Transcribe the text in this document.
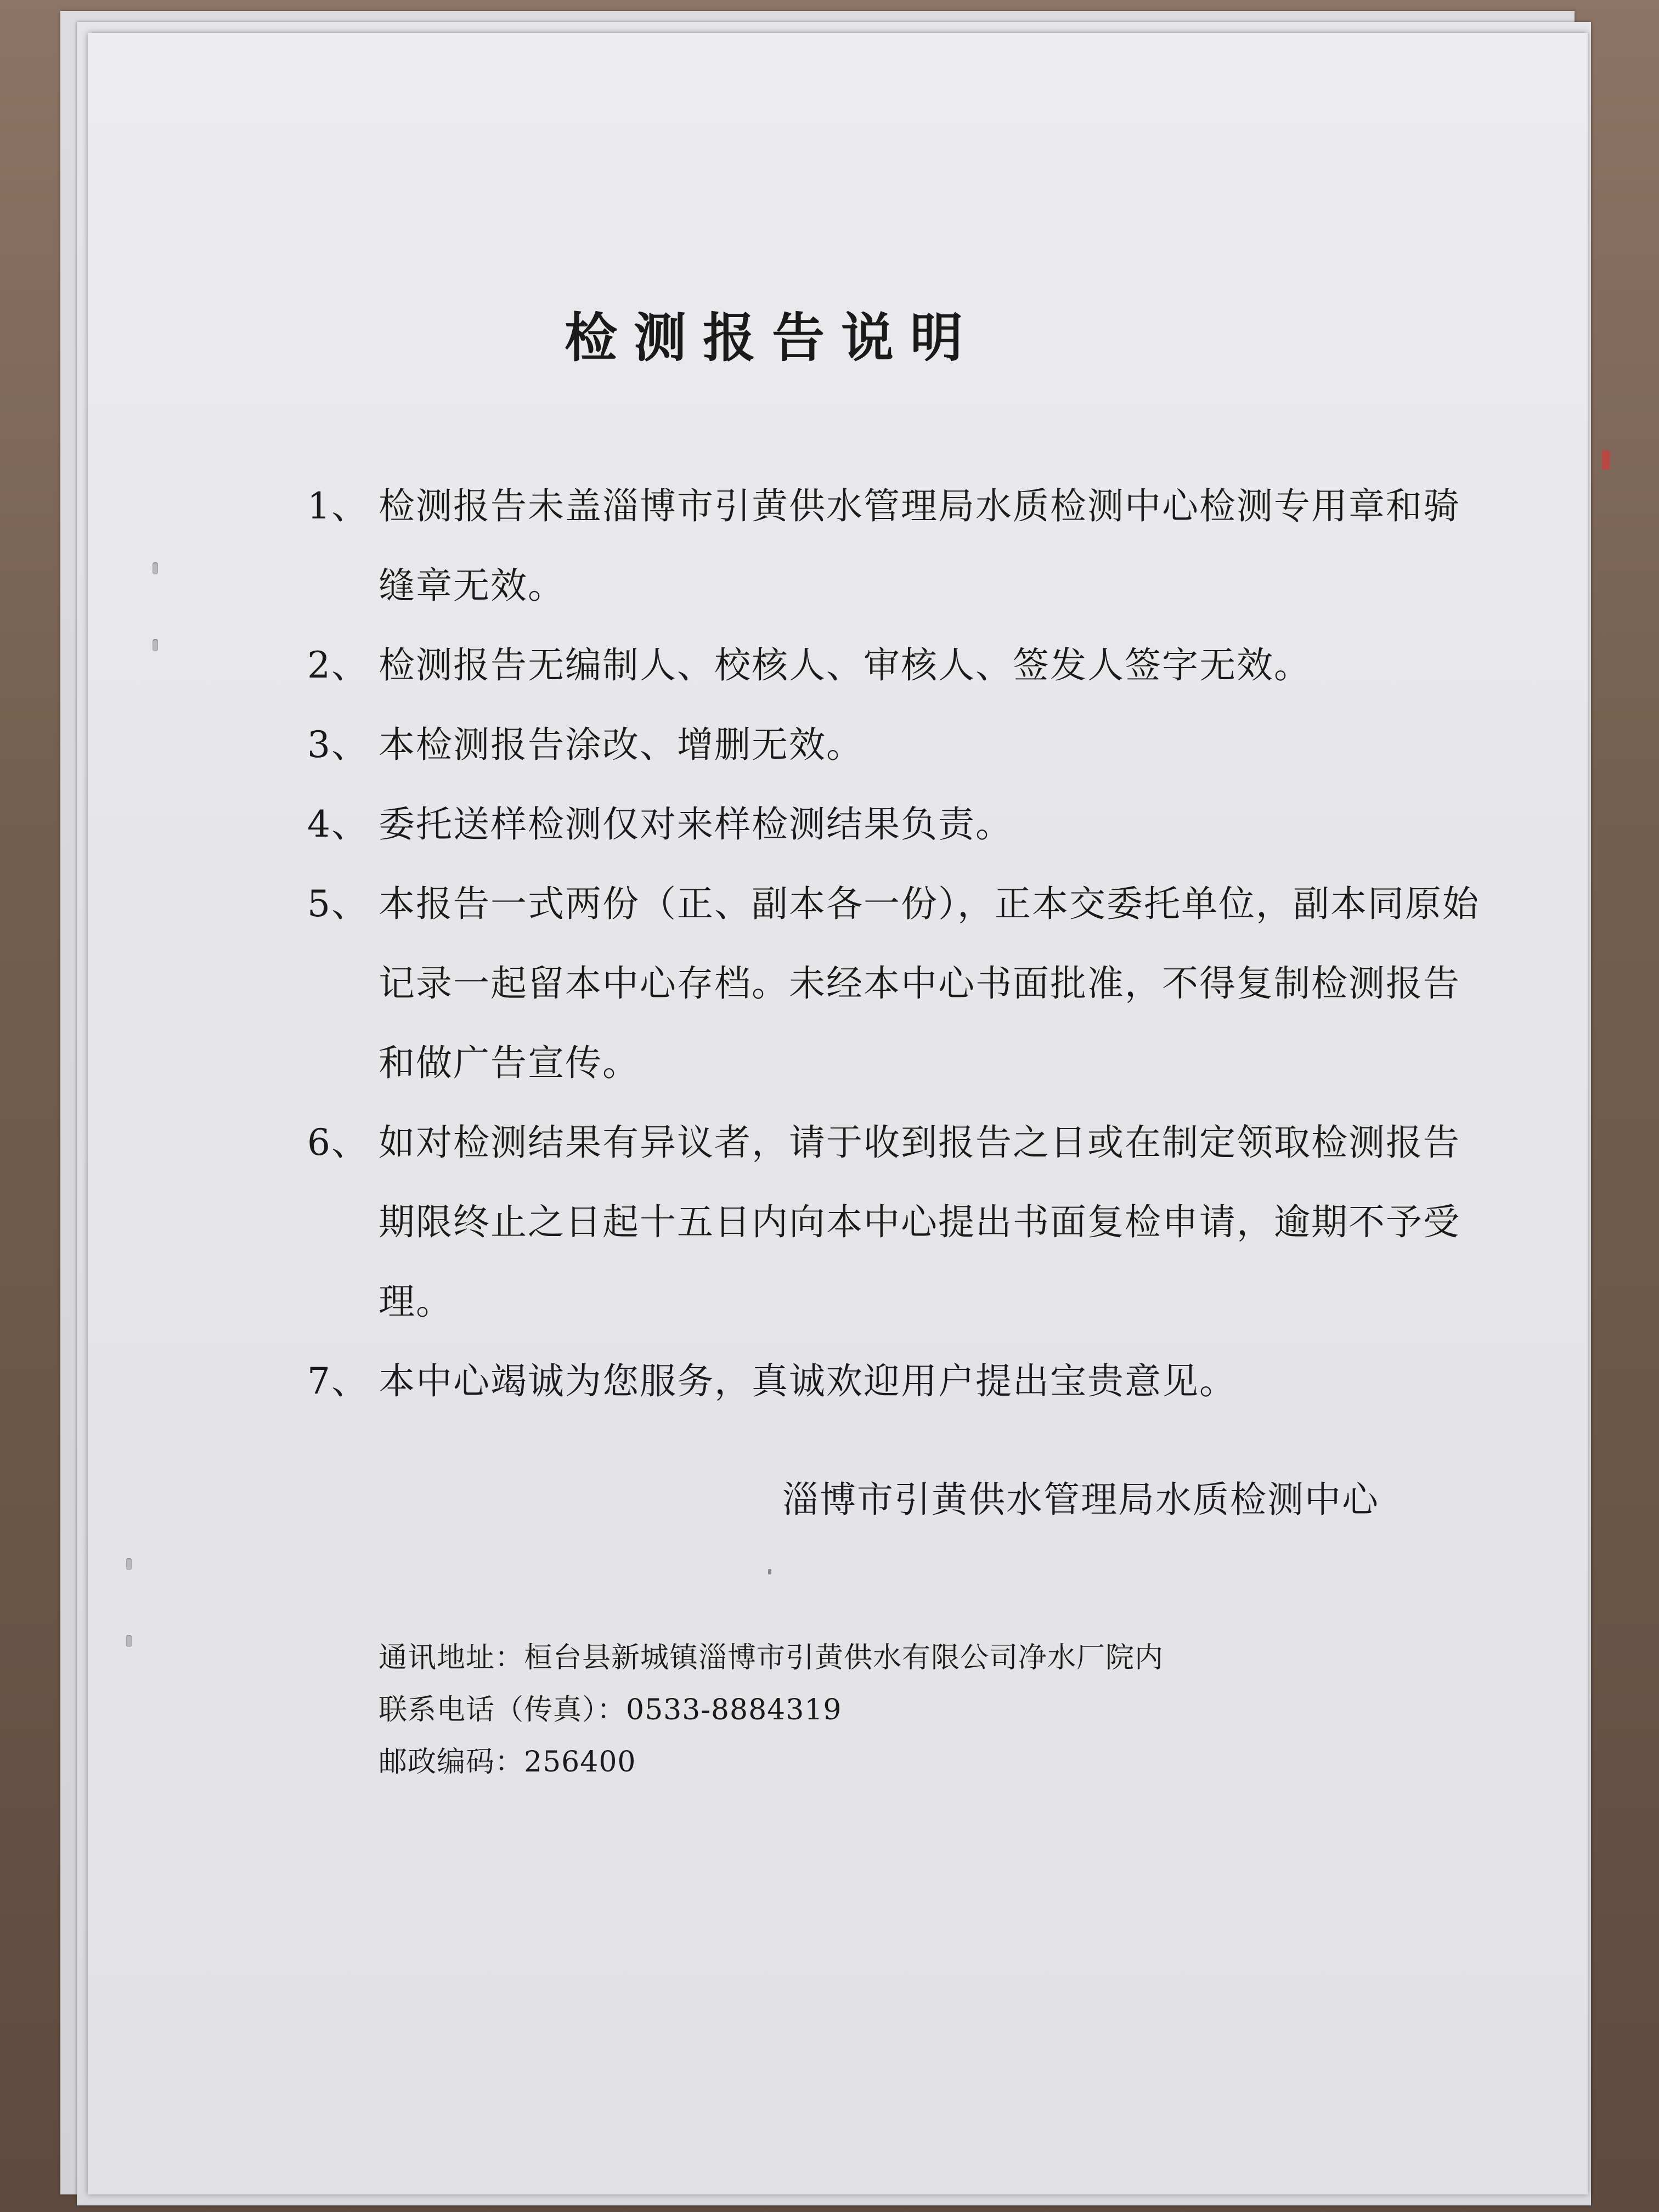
检测报告说明
1、 检测报告未盖淄博市引黄供水管理局水质检测中心检测专用章和骑缝章无效。
2、 检测报告无编制人、校核人、审核人、签发人签字无效。
3、 本检测报告涂改、增删无效。
4、 委托送样检测仅对来样检测结果负责。
5、 本报告一式两份（正、副本各一份），正本交委托单位，副本同原始记录一起留本中心存档。未经本中心书面批准，不得复制检测报告和做广告宣传。
6、 如对检测结果有异议者，请于收到报告之日或在制定领取检测报告期限终止之日起十五日内向本中心提出书面复检申请，逾期不予受理。
7、 本中心竭诚为您服务，真诚欢迎用户提出宝贵意见。
淄博市引黄供水管理局水质检测中心
通讯地址：桓台县新城镇淄博市引黄供水有限公司净水厂院内
联系电话（传真）：0533-8884319
邮政编码：256400
